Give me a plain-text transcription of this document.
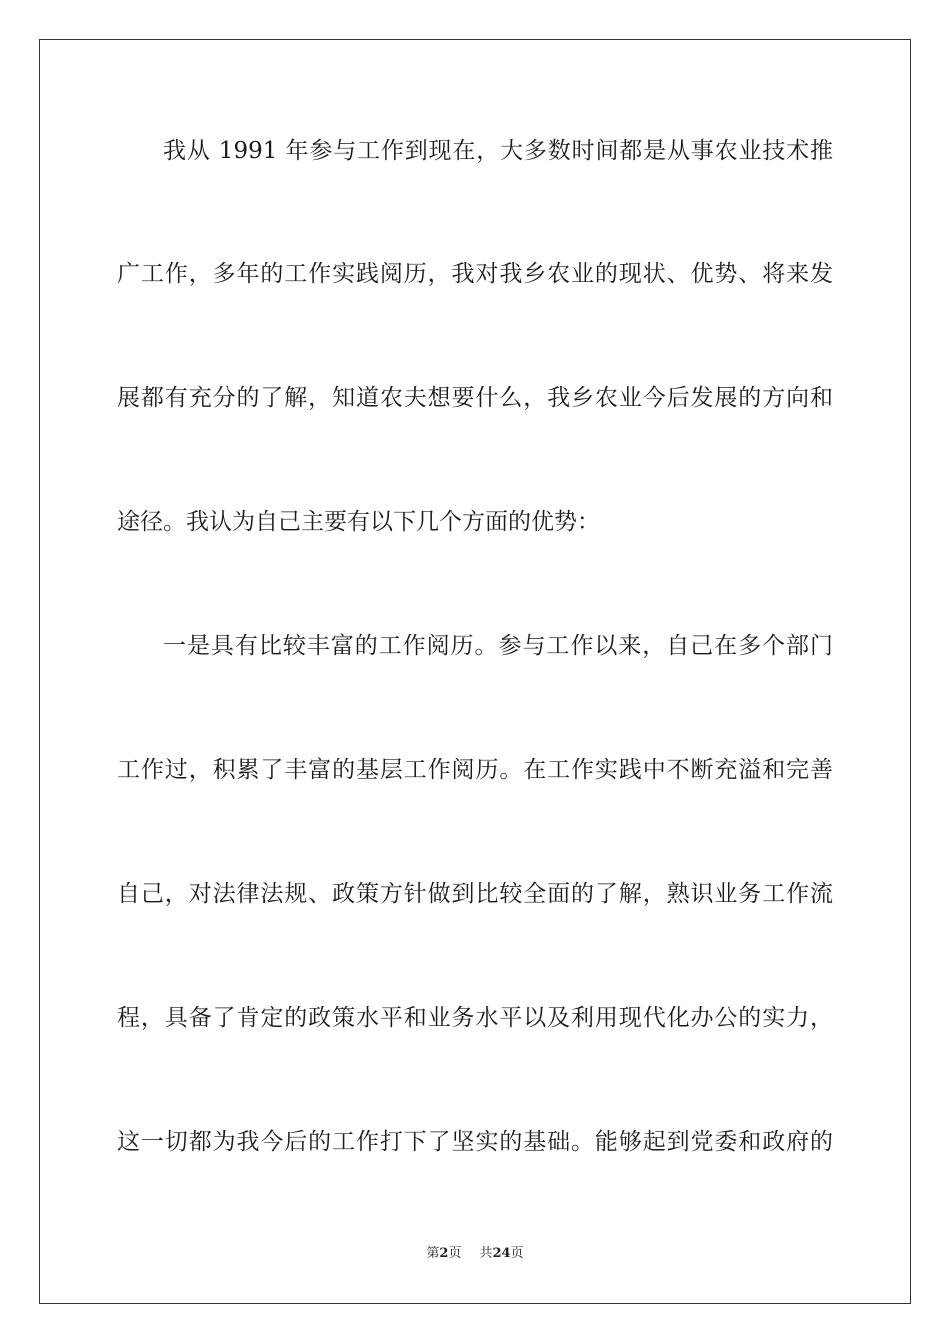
我从 1991 年参与工作到现在，大多数时间都是从事农业技术推
广工作，多年的工作实践阅历，我对我乡农业的现状、优势、将来发
展都有充分的了解，知道农夫想要什么，我乡农业今后发展的方向和
途径。我认为自己主要有以下几个方面的优势：
一是具有比较丰富的工作阅历。参与工作以来，自己在多个部门
工作过，积累了丰富的基层工作阅历。在工作实践中不断充溢和完善
自己，对法律法规、政策方针做到比较全面的了解，熟识业务工作流
程，具备了肯定的政策水平和业务水平以及利用现代化办公的实力，
这一切都为我今后的工作打下了坚实的基础。能够起到党委和政府的
第2页 共24页
